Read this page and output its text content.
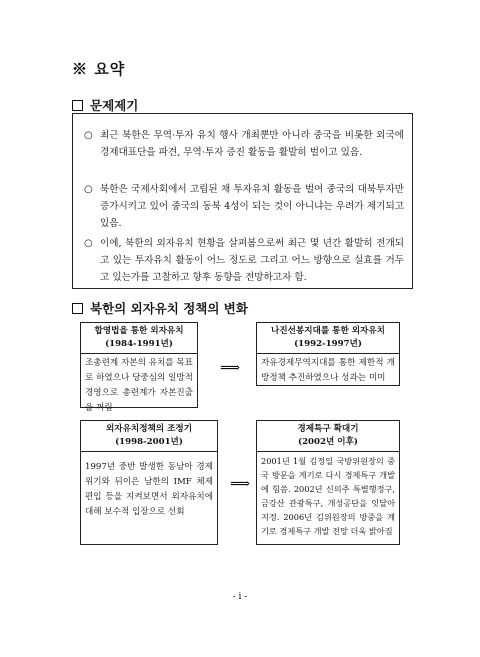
※ 요약
문제제기
○ 최근 북한은 무역·투자 유치 행사 개최뿐만 아니라 중국을 비롯한 외국에 경제대표단을 파견, 무역·투자 증진 활동을 활발히 벌이고 있음.
○ 북한은 국제사회에서 고립된 채 투자유치 활동을 벌여 중국의 대북투자만 증가시키고 있어 중국의 동북 4성이 되는 것이 아니냐는 우려가 제기되고 있음.
○ 이에, 북한의 외자유치 현황을 살펴봄으로써 최근 몇 년간 활발히 전개되고 있는 투자유치 활동이 어느 정도로 그리고 어느 방향으로 실효를 거두고 있는가를 고찰하고 향후 동향을 전망하고자 함.
북한의 외자유치 정책의 변화
합영법을 통한 외자유치
(1984-1991년)
조총련계 자본의 유치를 목표로 하였으나 당중심의 일방적 경영으로 총련계가 자본진출을 꺼림
⟹
나진선봉지대를 통한 외자유치
(1992-1997년)
자유경제무역지대를 통한 제한적 개방정책 추진하였으나 성과는 미미
외자유치정책의 조정기
(1998-2001년)
1997년 중반 발생한 동남아 경제위기와 뒤이은 남한의 IMF 체제 편입 등을 지켜보면서 외자유치에 대해 보수적 입장으로 선회
⟹
경제특구 확대기
(2002년 이후)
2001년 1월 김정일 국방위원장의 중국 방문을 계기로 다시 경제특구 개발에 힘씀. 2002년 신의주 특별행정구, 금강산 관광특구, 개성공단을 잇달아 지정. 2006년 김위원장의 방중을 계기로 경제특구 개발 전망 더욱 밝아짐
- i -
